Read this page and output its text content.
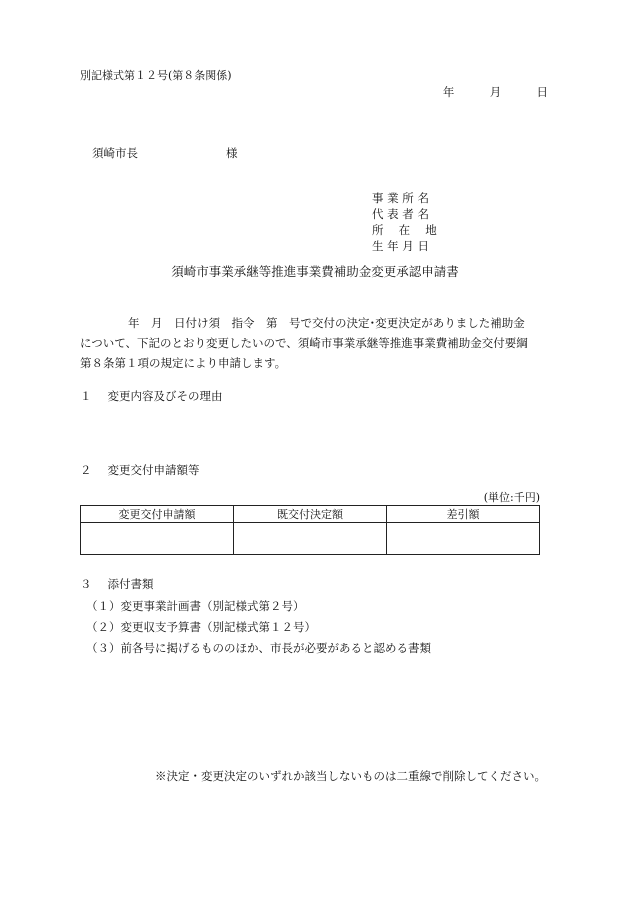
別記様式第１２号(第８条関係)
年	月	日
須崎市長	様
事 業 所 名
代 表 者 名
所　 在 　地
生 年 月 日
須崎市事業承継等推進事業費補助金変更承認申請書
年　月　日付け須　指令　第　号で交付の決定･変更決定がありました補助金
について、下記のとおり変更したいので、須崎市事業承継等推進事業費補助金交付要綱
第８条第１項の規定により申請します。
１ 変更内容及びその理由
２ 変更交付申請額等
(単位:千円)
変更交付申請額	既交付決定額	差引額

３ 添付書類
（１）変更事業計画書（別記様式第２号）
（２）変更収支予算書（別記様式第１２号）
（３）前各号に掲げるもののほか、市長が必要があると認める書類
※決定・変更決定のいずれか該当しないものは二重線で削除してください。
